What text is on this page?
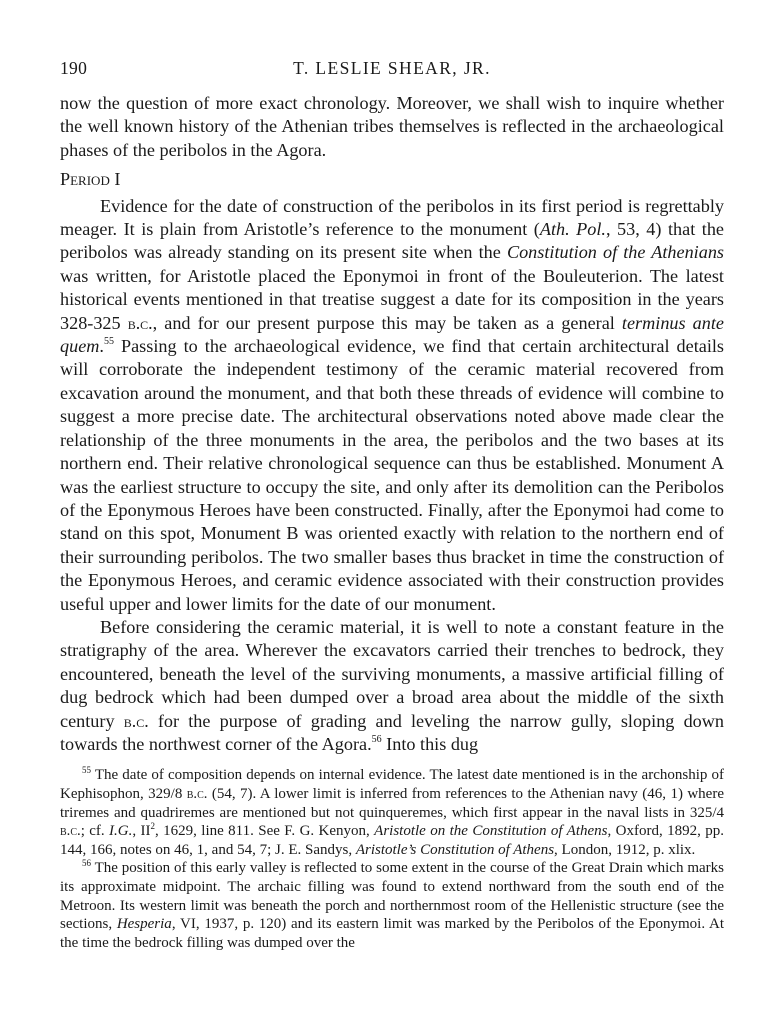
190	T. LESLIE SHEAR, JR.

now the question of more exact chronology. Moreover, we shall wish to inquire whether the well known history of the Athenian tribes themselves is reflected in the archaeological phases of the peribolos in the Agora.

Period I

Evidence for the date of construction of the peribolos in its first period is regrettably meager. It is plain from Aristotle’s reference to the monument (Ath. Pol., 53, 4) that the peribolos was already standing on its present site when the Constitution of the Athenians was written, for Aristotle placed the Eponymoi in front of the Bouleuterion. The latest historical events mentioned in that treatise suggest a date for its composition in the years 328-325 b.c., and for our present purpose this may be taken as a general terminus ante quem.$^{55}$ Passing to the archaeological evidence, we find that certain architectural details will corroborate the independent testimony of the ceramic material recovered from excavation around the monument, and that both these threads of evidence will combine to suggest a more precise date. The architectural observations noted above made clear the relationship of the three monuments in the area, the peribolos and the two bases at its northern end. Their relative chronological sequence can thus be established. Monument A was the earliest structure to occupy the site, and only after its demolition can the Peribolos of the Eponymous Heroes have been constructed. Finally, after the Eponymoi had come to stand on this spot, Monument B was oriented exactly with relation to the northern end of their surrounding peribolos. The two smaller bases thus bracket in time the construction of the Eponymous Heroes, and ceramic evidence associated with their construction provides useful upper and lower limits for the date of our monument.

Before considering the ceramic material, it is well to note a constant feature in the stratigraphy of the area. Wherever the excavators carried their trenches to bedrock, they encountered, beneath the level of the surviving monuments, a massive artificial filling of dug bedrock which had been dumped over a broad area about the middle of the sixth century b.c. for the purpose of grading and leveling the narrow gully, sloping down towards the northwest corner of the Agora.$^{56}$ Into this dug

$^{55}$ The date of composition depends on internal evidence. The latest date mentioned is in the archonship of Kephisophon, 329/8 b.c. (54, 7). A lower limit is inferred from references to the Athenian navy (46, 1) where triremes and quadriremes are mentioned but not quinqueremes, which first appear in the naval lists in 325/4 b.c.; cf. I.G., $II^2$, 1629, line 811. See F. G. Kenyon, Aristotle on the Constitution of Athens, Oxford, 1892, pp. 144, 166, notes on 46, 1, and 54, 7; J. E. Sandys, Aristotle’s Constitution of Athens, London, 1912, p. xlix.

$^{56}$ The position of this early valley is reflected to some extent in the course of the Great Drain which marks its approximate midpoint. The archaic filling was found to extend northward from the south end of the Metroon. Its western limit was beneath the porch and northernmost room of the Hellenistic structure (see the sections, Hesperia, VI, 1937, p. 120) and its eastern limit was marked by the Peribolos of the Eponymoi. At the time the bedrock filling was dumped over the
